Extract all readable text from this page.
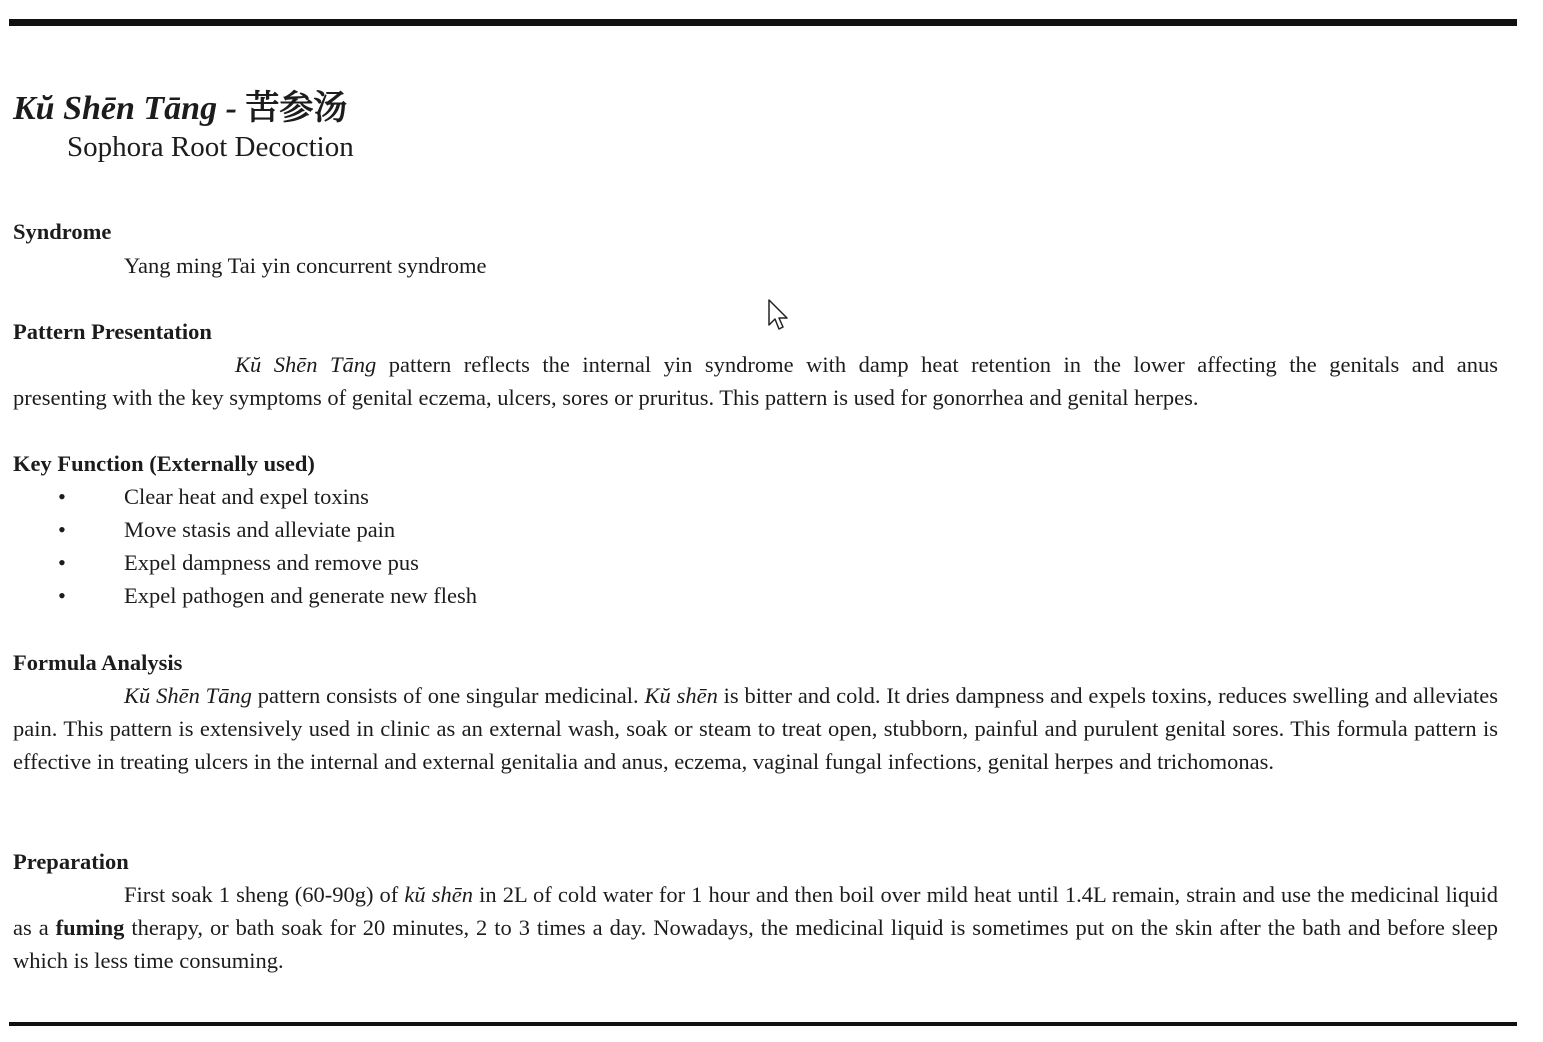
Kŭ Shēn Tāng - 苦参汤
Sophora Root Decoction
Syndrome
Yang ming Tai yin concurrent syndrome
Pattern Presentation
Kŭ Shēn Tāng pattern reflects the internal yin syndrome with damp heat retention in the lower affecting the genitals and anus
presenting with the key symptoms of genital eczema, ulcers, sores or pruritus. This pattern is used for gonorrhea and genital herpes.
Key Function (Externally used)
•	Clear heat and expel toxins
•	Move stasis and alleviate pain
•	Expel dampness and remove pus
•	Expel pathogen and generate new flesh
Formula Analysis
Kŭ Shēn Tāng pattern consists of one singular medicinal. Kŭ shēn is bitter and cold. It dries dampness and expels toxins, reduces swelling and alleviates pain. This pattern is extensively used in clinic as an external wash, soak or steam to treat open, stubborn, painful and purulent genital sores. This formula pattern is effective in treating ulcers in the internal and external genitalia and anus, eczema, vaginal fungal infections, genital herpes and trichomonas.
Preparation
First soak 1 sheng (60-90g) of kŭ shēn in 2L of cold water for 1 hour and then boil over mild heat until 1.4L remain, strain and use the medicinal liquid as a fuming therapy, or bath soak for 20 minutes, 2 to 3 times a day. Nowadays, the medicinal liquid is sometimes put on the skin after the bath and before sleep which is less time consuming.
